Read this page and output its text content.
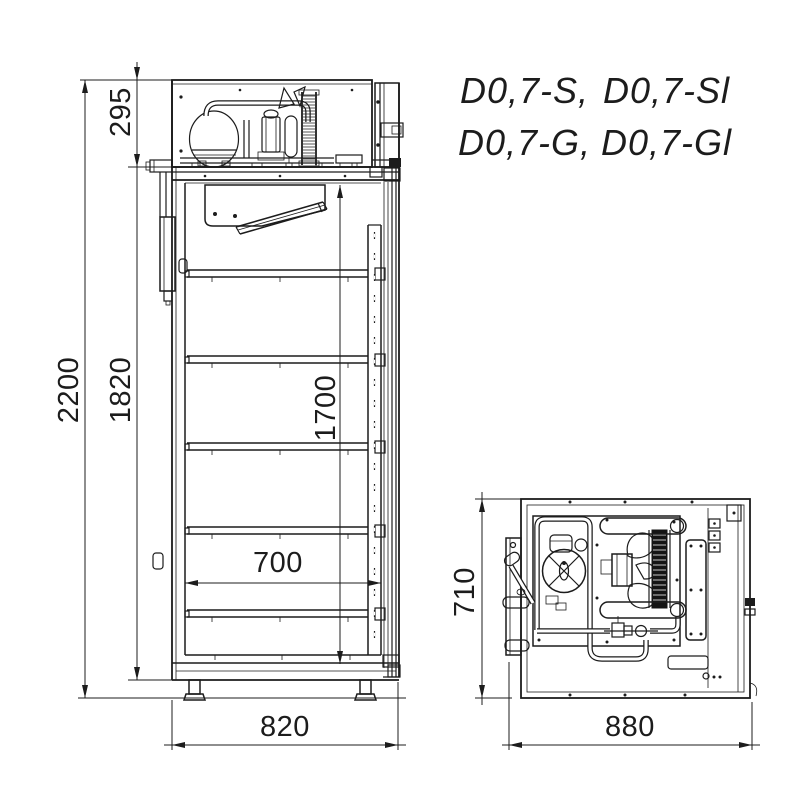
D0,7-S, D0,7-Sl
D0,7-G, D0,7-Gl
2200
295
1820	1700
700
820
710
880
